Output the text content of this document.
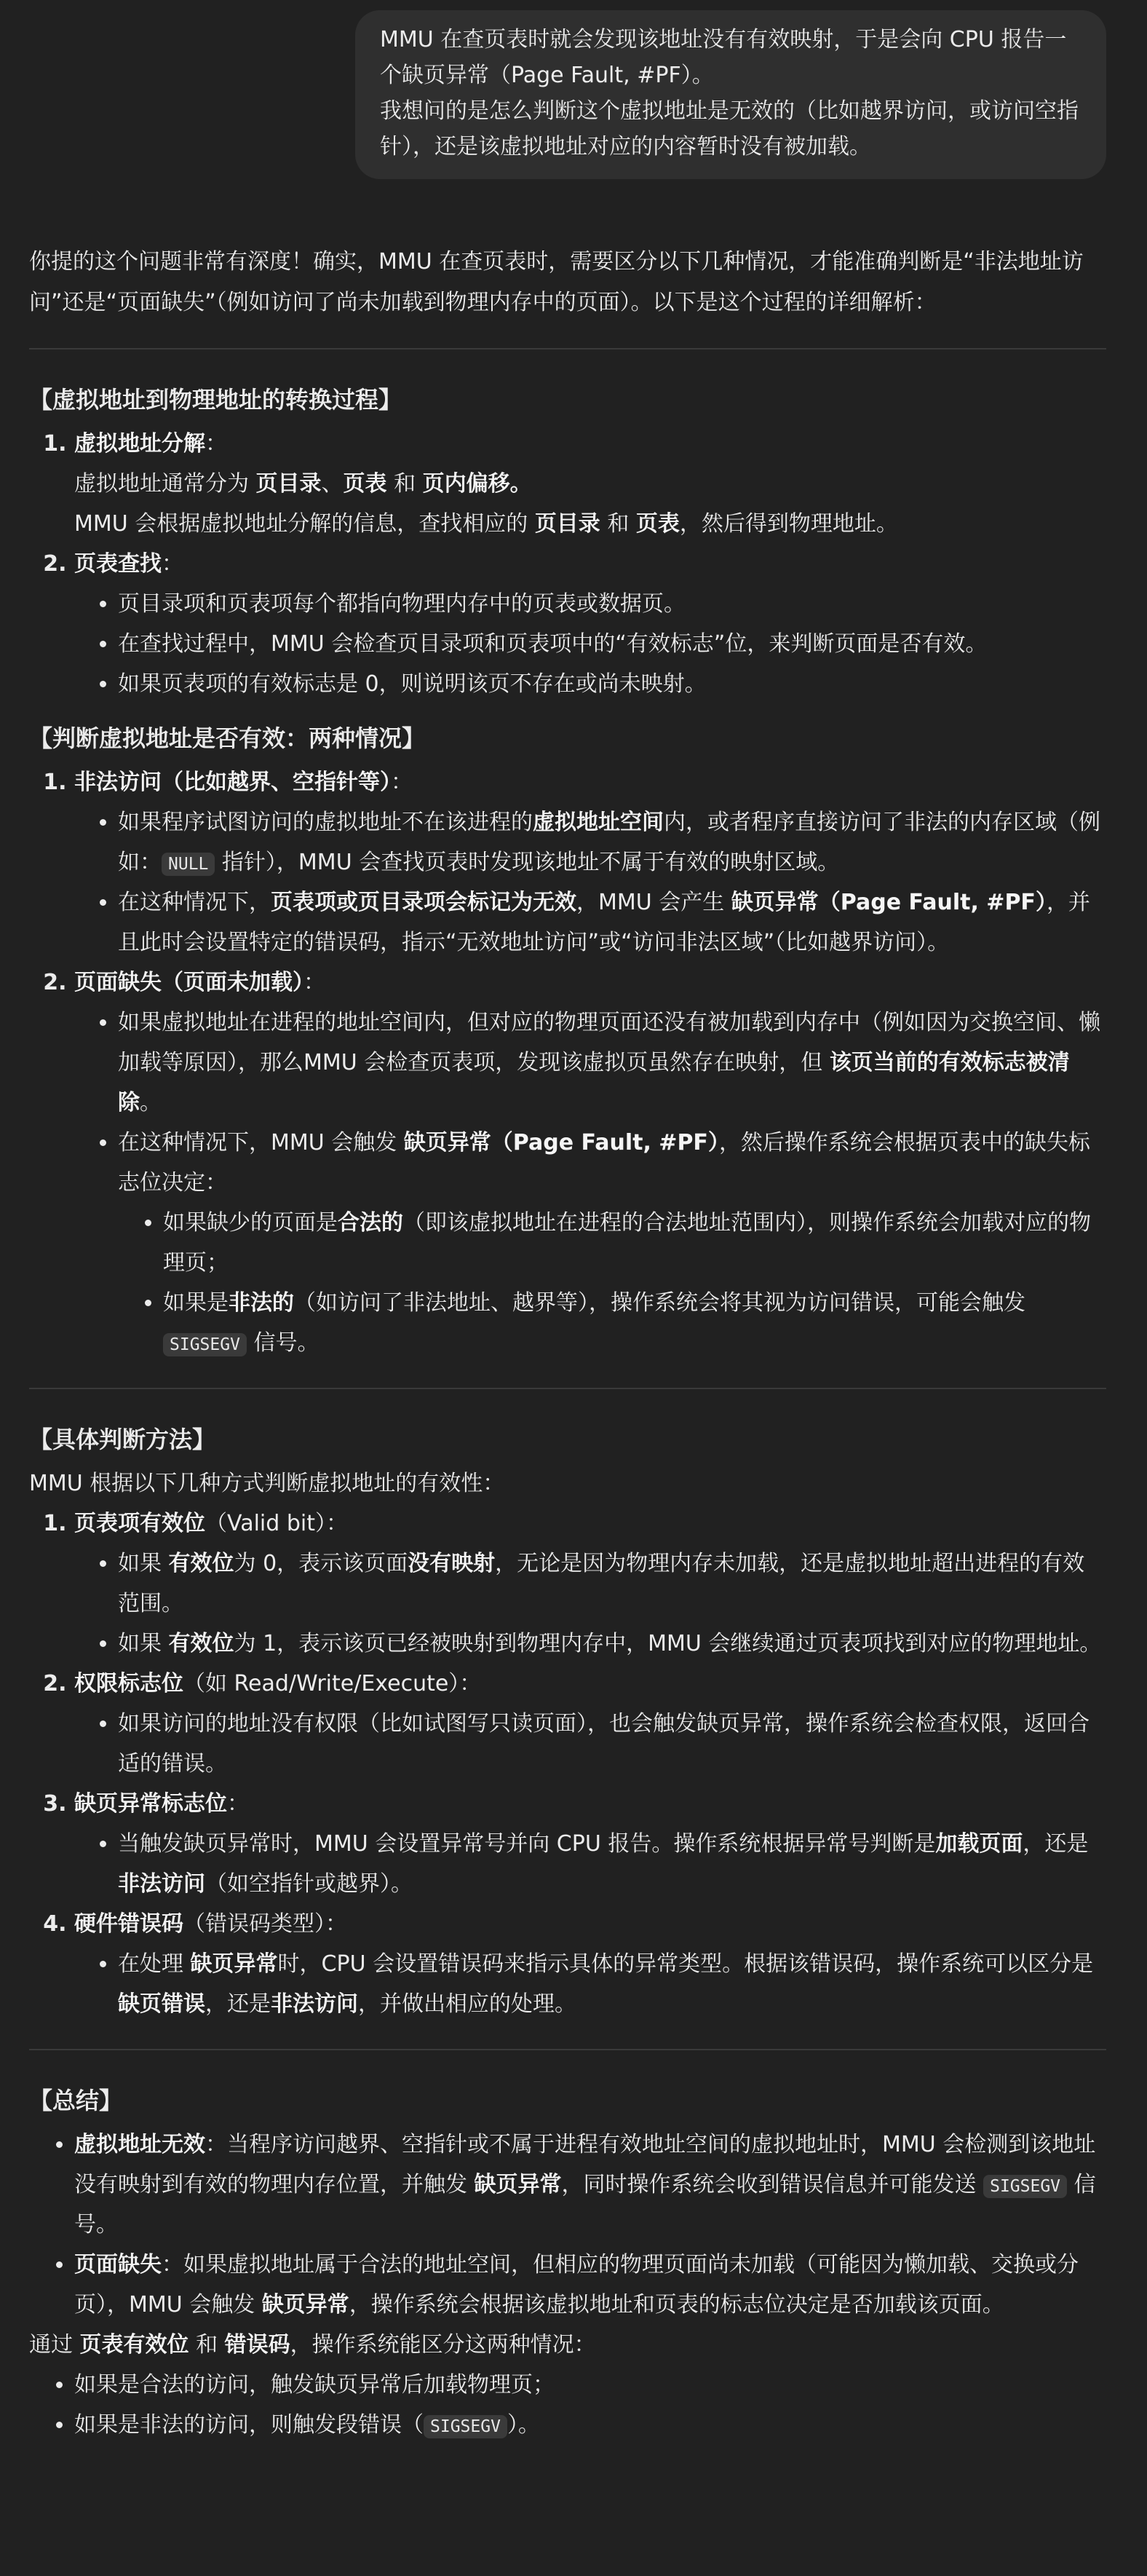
MMU 在查页表时就会发现该地址没有有效映射，于是会向 CPU 报告一个缺页异常（Page Fault, #PF）。

我想问的是怎么判断这个虚拟地址是无效的（比如越界访问，或访问空指针），还是该虚拟地址对应的内容暂时没有被加载。

你提的这个问题非常有深度！确实，MMU 在查页表时，需要区分以下几种情况，才能准确判断是“非法地址访问”还是“页面缺失”（例如访问了尚未加载到物理内存中的页面）。以下是这个过程的详细解析：

【虚拟地址到物理地址的转换过程】
1. 虚拟地址分解：
虚拟地址通常分为 页目录、页表 和 页内偏移。
MMU 会根据虚拟地址分解的信息，查找相应的 页目录 和 页表，然后得到物理地址。
2. 页表查找：
• 页目录项和页表项每个都指向物理内存中的页表或数据页。
• 在查找过程中，MMU 会检查页目录项和页表项中的“有效标志”位，来判断页面是否有效。
• 如果页表项的有效标志是 0，则说明该页不存在或尚未映射。
【判断虚拟地址是否有效：两种情况】
1. 非法访问（比如越界、空指针等）：
• 如果程序试图访问的虚拟地址不在该进程的虚拟地址空间内，或者程序直接访问了非法的内存区域（例如： NULL 指针），MMU 会查找页表时发现该地址不属于有效的映射区域。
• 在这种情况下，页表项或页目录项会标记为无效，MMU 会产生 缺页异常（Page Fault, #PF），并且此时会设置特定的错误码，指示“无效地址访问”或“访问非法区域”（比如越界访问）。
2. 页面缺失（页面未加载）：
• 如果虚拟地址在进程的地址空间内，但对应的物理页面还没有被加载到内存中（例如因为交换空间、懒加载等原因），那么MMU 会检查页表项，发现该虚拟页虽然存在映射，但 该页当前的有效标志被清除。
• 在这种情况下，MMU 会触发 缺页异常（Page Fault, #PF），然后操作系统会根据页表中的缺失标志位决定：
• 如果缺少的页面是合法的（即该虚拟地址在进程的合法地址范围内），则操作系统会加载对应的物理页；
• 如果是非法的（如访问了非法地址、越界等），操作系统会将其视为访问错误，可能会触发 SIGSEGV 信号。
【具体判断方法】

MMU 根据以下几种方式判断虚拟地址的有效性：

1. 页表项有效位（Valid bit）：
• 如果 有效位为 0，表示该页面没有映射，无论是因为物理内存未加载，还是虚拟地址超出进程的有效范围。
• 如果 有效位为 1，表示该页已经被映射到物理内存中，MMU 会继续通过页表项找到对应的物理地址。
2. 权限标志位（如 Read/Write/Execute）：
• 如果访问的地址没有权限（比如试图写只读页面），也会触发缺页异常，操作系统会检查权限，返回合适的错误。
3. 缺页异常标志位：
• 当触发缺页异常时，MMU 会设置异常号并向 CPU 报告。操作系统根据异常号判断是加载页面，还是非法访问（如空指针或越界）。
4. 硬件错误码（错误码类型）：
• 在处理 缺页异常时，CPU 会设置错误码来指示具体的异常类型。根据该错误码，操作系统可以区分是缺页错误，还是非法访问，并做出相应的处理。
【总结】
• 虚拟地址无效：当程序访问越界、空指针或不属于进程有效地址空间的虚拟地址时，MMU 会检测到该地址没有映射到有效的物理内存位置，并触发 缺页异常，同时操作系统会收到错误信息并可能发送 SIGSEGV 信号。
• 页面缺失：如果虚拟地址属于合法的地址空间，但相应的物理页面尚未加载（可能因为懒加载、交换或分页），MMU 会触发 缺页异常，操作系统会根据该虚拟地址和页表的标志位决定是否加载该页面。

通过 页表有效位 和 错误码，操作系统能区分这两种情况：

• 如果是合法的访问，触发缺页异常后加载物理页；
• 如果是非法的访问，则触发段错误（ SIGSEGV ）。
